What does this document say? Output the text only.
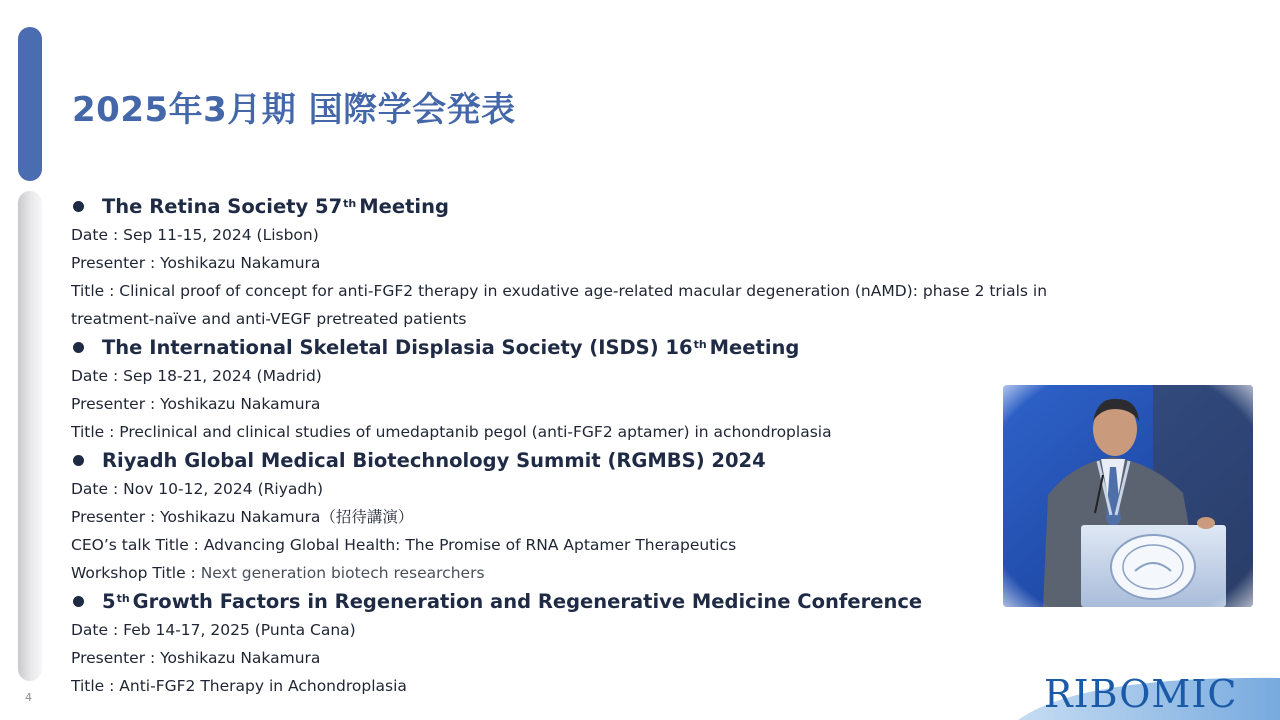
2025年3月期 国際学会発表
The Retina Society 57th Meeting
Date : Sep 11-15, 2024 (Lisbon)
Presenter : Yoshikazu Nakamura
Title : Clinical proof of concept for anti-FGF2 therapy in exudative age-related macular degeneration (nAMD): phase 2 trials in
treatment-naïve and anti-VEGF pretreated patients
The International Skeletal Displasia Society (ISDS) 16th Meeting
Date : Sep 18-21, 2024 (Madrid)
Presenter : Yoshikazu Nakamura
Title : Preclinical and clinical studies of umedaptanib pegol (anti-FGF2 aptamer) in achondroplasia
Riyadh Global Medical Biotechnology Summit (RGMBS) 2024
Date : Nov 10-12, 2024 (Riyadh)
Presenter : Yoshikazu Nakamura（招待講演）
CEO’s talk Title : Advancing Global Health: The Promise of RNA Aptamer Therapeutics
Workshop Title : Next generation biotech researchers
5th Growth Factors in Regeneration and Regenerative Medicine Conference
Date : Feb 14-17, 2025 (Punta Cana)
Presenter : Yoshikazu Nakamura
Title : Anti-FGF2 Therapy in Achondroplasia
4	RIBOMIC
